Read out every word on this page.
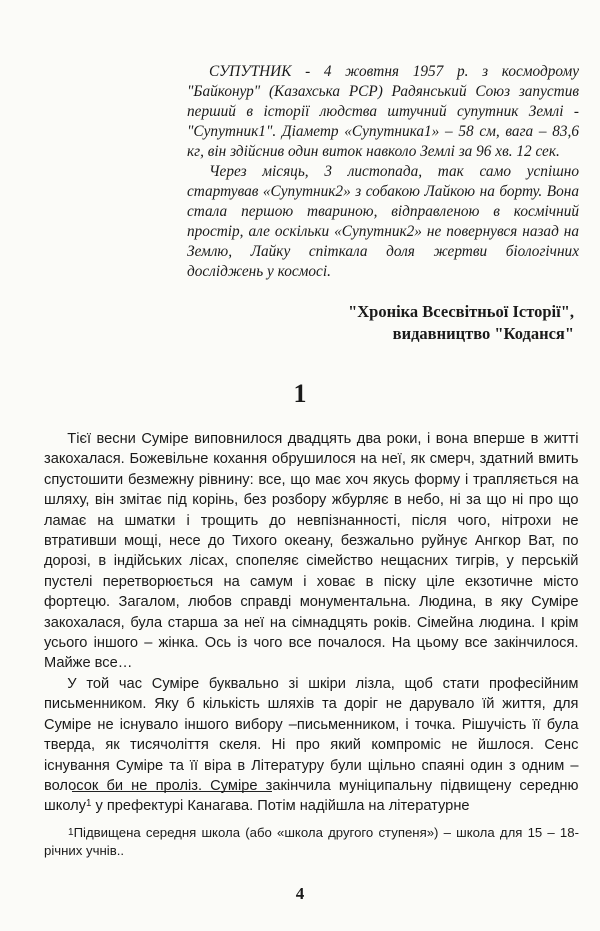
СУПУТНИК - 4 жовтня 1957 р. з космодрому "Байконур" (Казахська РСР) Радянський Союз запустив перший в історії людства штучний супутник Землі - "Супутник1". Діаметр «Супутника1» – 58 см, вага – 83,6 кг, він здійснив один виток навколо Землі за 96 хв. 12 сек.

Через місяць, 3 листопада, так само успішно стартував «Супутник2» з собакою Лайкою на борту. Вона стала першою твариною, відправленою в космічний простір, але оскільки «Супутник2» не повернувся назад на Землю, Лайку спіткала доля жертви біологічних досліджень у космосі.

"Хроніка Всесвітньої Історії",
видавництво "Коданся"
1

Тієї весни Суміре виповнилося двадцять два роки, і вона вперше в житті закохалася. Божевільне кохання обрушилося на неї, як смерч, здатний вмить спустошити безмежну рівнину: все, що має хоч якусь форму і трапляється на шляху, він змітає під корінь, без розбору жбурляє в небо, ні за що ні про що ламає на шматки і трощить до невпізнанності, після чого, нітрохи не втративши мощі, несе до Тихого океану, безжально руйнує Ангкор Ват, по дорозі, в індійських лісах, спопеляє сімейство нещасних тигрів, у перській пустелі перетворюється на самум і ховає в піску ціле екзотичне місто фортецю. Загалом, любов справді монументальна. Людина, в яку Суміре закохалася, була старша за неї на сімнадцять років. Сімейна людина. І крім усього іншого – жінка. Ось із чого все почалося. На цьому все закінчилося. Майже все…

У той час Суміре буквально зі шкіри лізла, щоб стати професійним письменником. Яку б кількість шляхів та доріг не дарувало їй життя, для Суміре не існувало іншого вибору –письменником, і точка. Рішучість її була тверда, як тисячоліття скеля. Ні про який компроміс не йшлося. Сенс існування Суміре та її віра в Літературу були щільно спаяні один з одним – волосок би не проліз. Суміре закінчила муніципальну підвищену середню школу$^1$ у префектурі Канагава. Потім надійшла на літературне

$^1$Підвищена середня школа (або «школа другого ступеня») – школа для 15 – 18-річних учнів..
4
